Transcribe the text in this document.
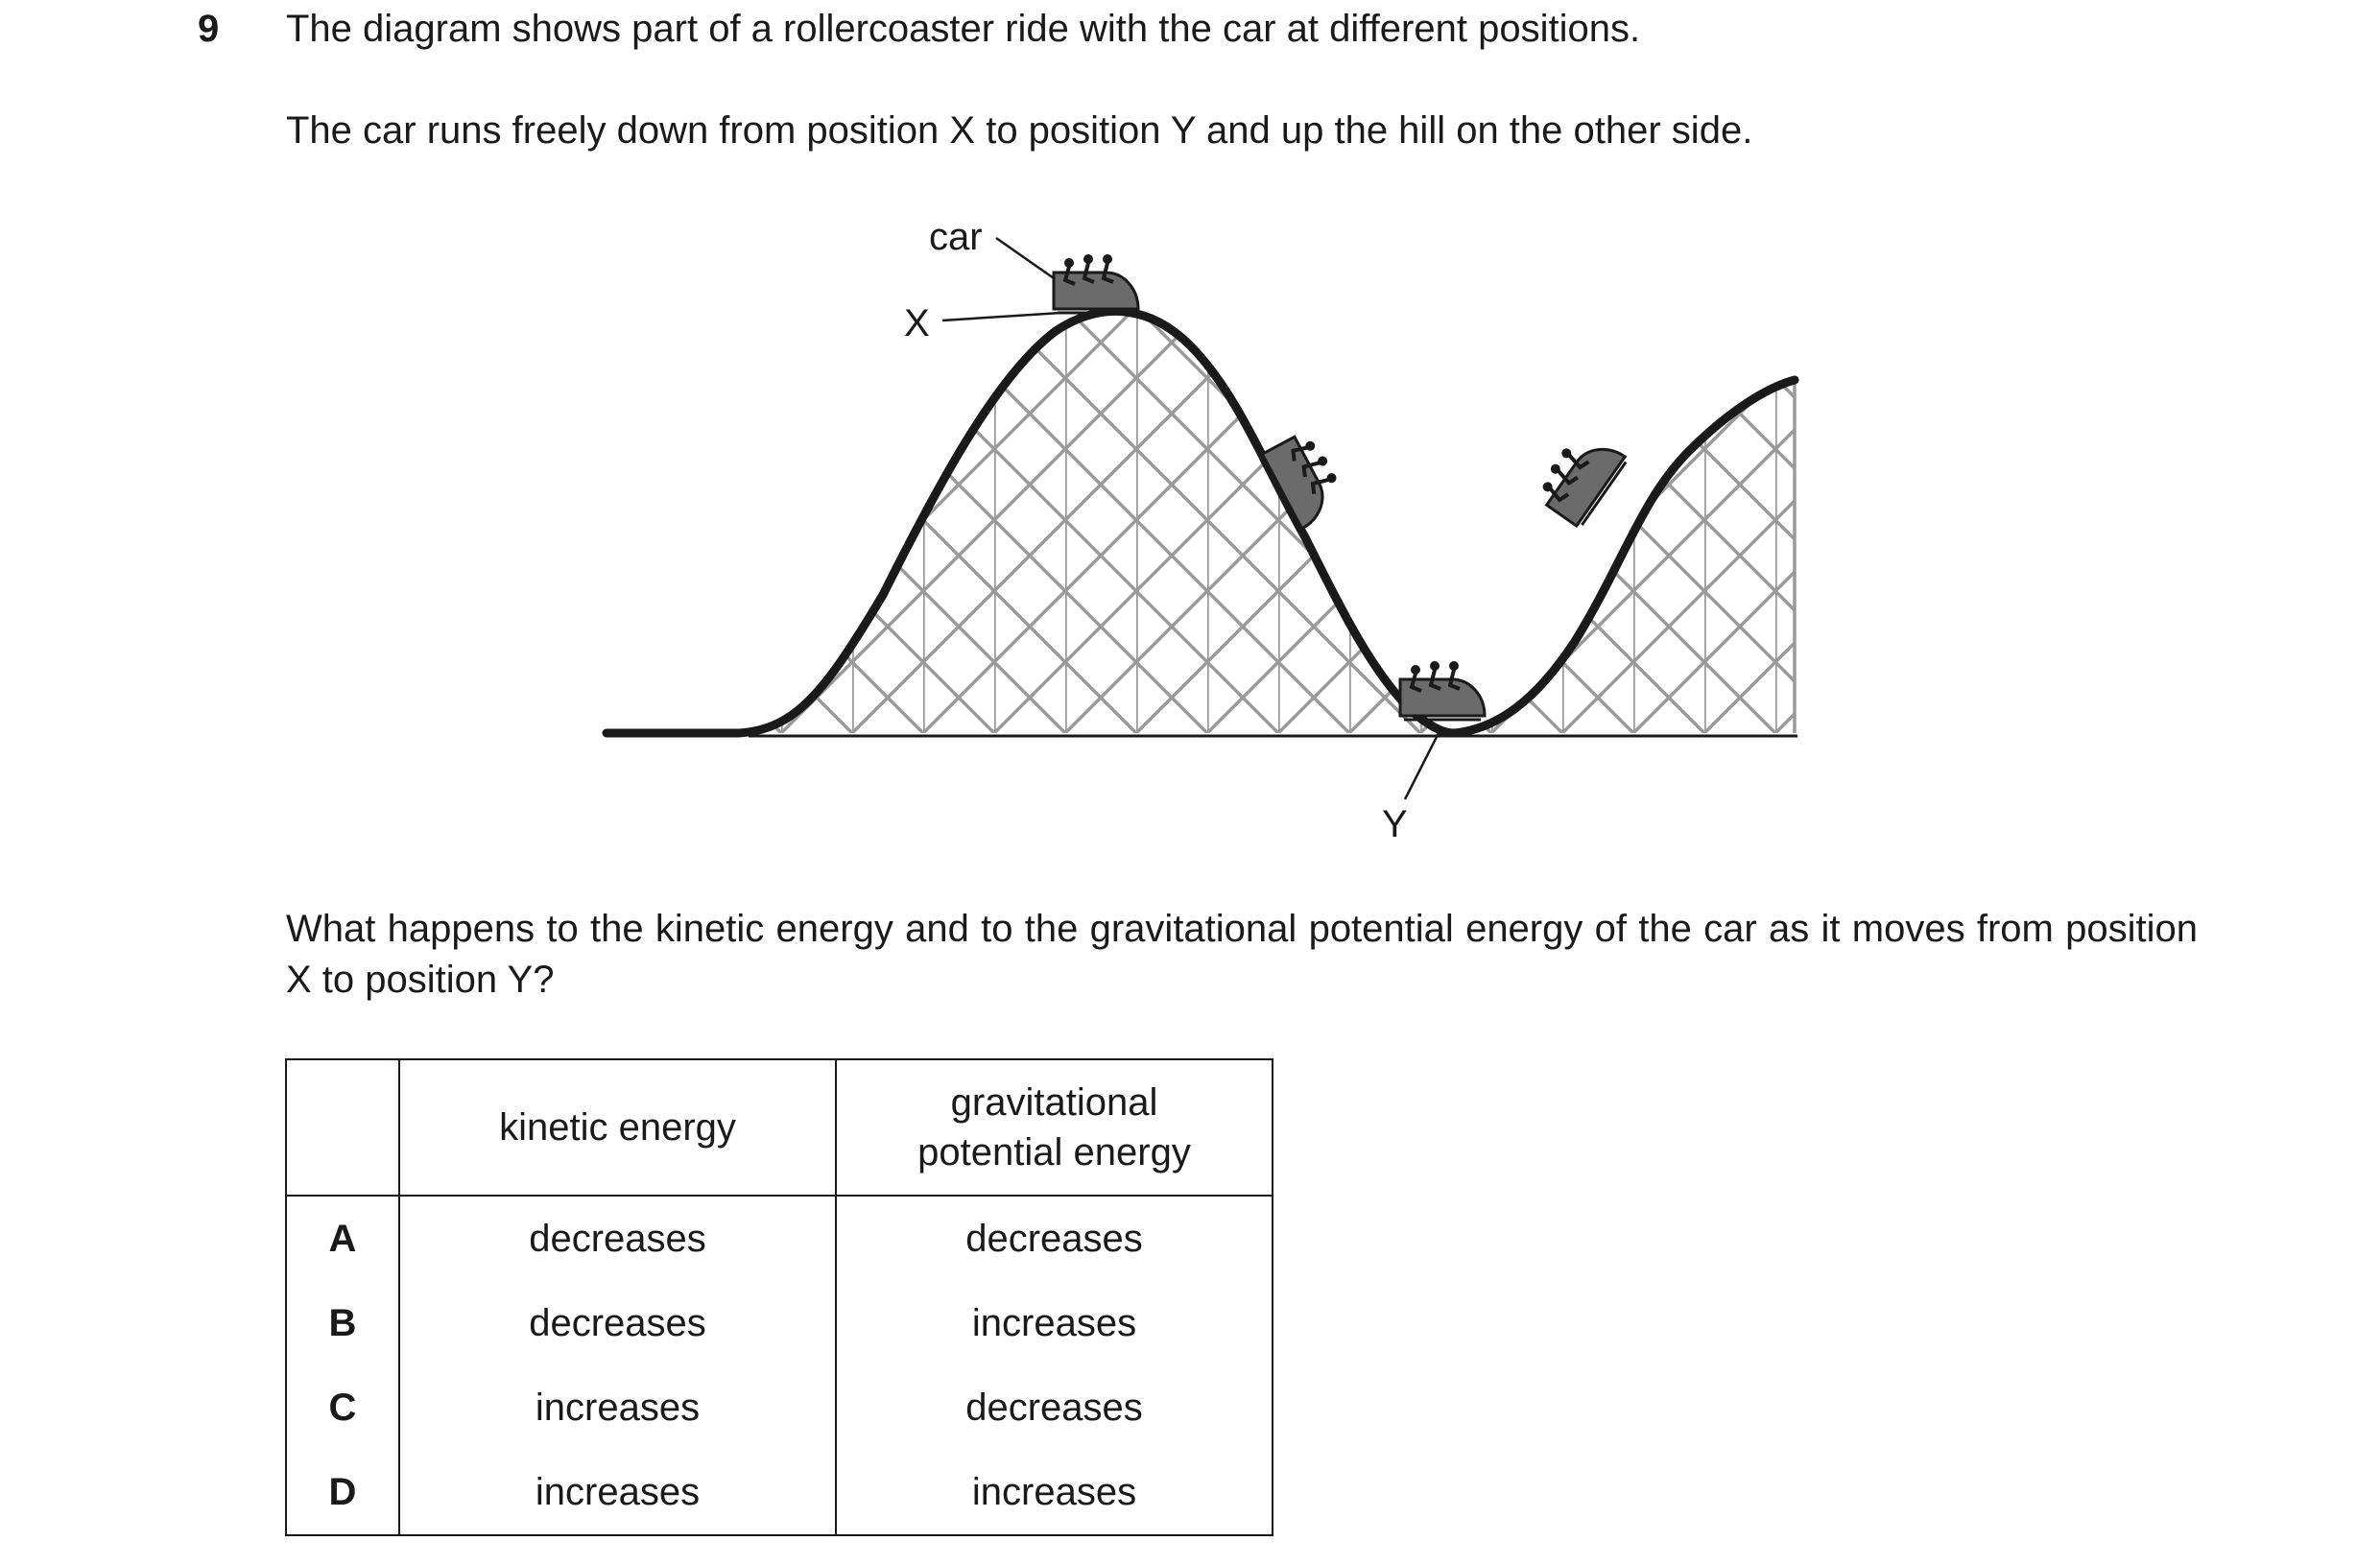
9 The diagram shows part of a rollercoaster ride with the car at different positions.
The car runs freely down from position X to position Y and up the hill on the other side.
car
X
Y
What happens to the kinetic energy and to the gravitational potential energy of the car as it moves from position X to position Y?
	kinetic energy	gravitational
potential energy

A	decreases	decreases
B	decreases	increases
C	increases	decreases
D	increases	increases
